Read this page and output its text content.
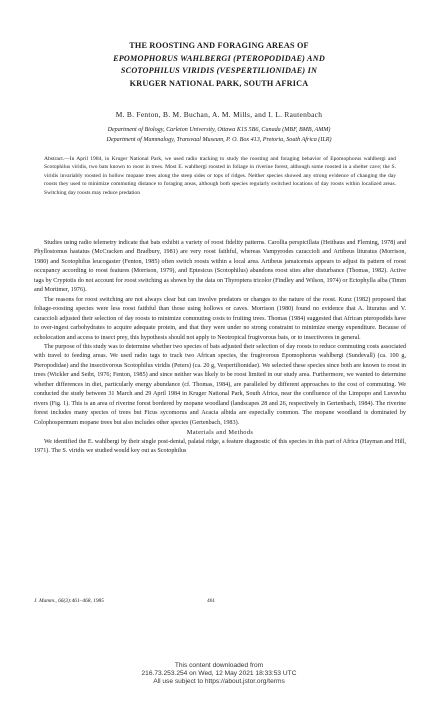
THE ROOSTING AND FORAGING AREAS OF
EPOMOPHORUS WAHLBERGI (PTEROPODIDAE) AND
SCOTOPHILUS VIRIDIS (VESPERTILIONIDAE) IN
KRUGER NATIONAL PARK, SOUTH AFRICA
M. B. Fenton, B. M. Buchan, A. M. Mills, and I. L. Rautenbach
Department of Biology, Carleton University, Ottawa K1S 5B6, Canada (MBF, BMB, AMM)
Department of Mammalogy, Transvaal Museum, P. O. Box 413, Pretoria, South Africa (ILR)
Abstract.—In April 1984, in Kruger National Park, we used radio tracking to study the roosting and foraging behavior of Epomophorus wahlbergi and Scotophilus viridis, two bats known to roost in trees. Most E. wahlbergi roosted in foliage in riverine forest, although some roosted in a shelter cave; the S. viridis invariably roosted in hollow mopane trees along the steep sides or tops of ridges. Neither species showed any strong evidence of changing the day roosts they used to minimize commuting distance to foraging areas, although both species regularly switched locations of day roosts within localized areas. Switching day roosts may reduce predation

Studies using radio telemetry indicate that bats exhibit a variety of roost fidelity patterns. Carollia perspicillata (Heithaus and Fleming, 1978) and Phyllostomus hastatus (McCracken and Bradbury, 1981) are very roost faithful, whereas Vampyrodes caraccioli and Artibeus lituratus (Morrison, 1980) and Scotophilus leucogaster (Fenton, 1985) often switch roosts within a local area. Artibeus jamaicensis appears to adjust its pattern of roost occupancy according to roost features (Morrison, 1979), and Eptesicus (Scotophilus) abandons roost sites after disturbance (Thomas, 1982). Active tags by Cryptotis do not account for roost switching as shown by the data on Thyroptera tricolor (Findley and Wilson, 1974) or Ectophylla alba (Timm and Mortimer, 1976).

The reasons for roost switching are not always clear but can involve predators or changes to the nature of the roost. Kunz (1982) proposed that foliage-roosting species were less roost faithful than those using hollows or caves. Morrison (1980) found no evidence that A. lituratus and V. caraccioli adjusted their selection of day roosts to minimize commuting costs to fruiting trees. Thomas (1984) suggested that African pteropodids have to over-ingest carbohydrates to acquire adequate protein, and that they were under no strong constraint to minimize energy expenditure. Because of echolocation and access to insect prey, this hypothesis should not apply to Neotropical frugivorous bats, or to insectivores in general.

The purpose of this study was to determine whether two species of bats adjusted their selection of day roosts to reduce commuting costs associated with travel to feeding areas. We used radio tags to track two African species, the frugivorous Epomophorus wahlbergi (Sundevall) (ca. 100 g, Pteropodidae) and the insectivorous Scotophilus viridis (Peters) (ca. 20 g, Vespertilionidae). We selected these species since both are known to roost in trees (Wickler and Seibt, 1976; Fenton, 1985) and since neither was likely to be roost limited in our study area. Furthermore, we wanted to determine whether differences in diet, particularly energy abundance (cf. Thomas, 1984), are paralleled by different approaches to the cost of commuting. We conducted the study between 31 March and 29 April 1984 in Kruger National Park, South Africa, near the confluence of the Limpopo and Luvuvhu rivers (Fig. 1). This is an area of riverine forest bordered by mopane woodland (landscapes 28 and 26, respectively in Gertenbach, 1984). The riverine forest includes many species of trees but Ficus sycomorus and Acacia albida are especially common. The mopane woodland is dominated by Colophospermum mopane trees but also includes other species (Gertenbach, 1983).

Materials and Methods

We identified the E. wahlbergi by their single post-dental, palatal ridge, a feature diagnostic of this species in this part of Africa (Hayman and Hill, 1971). The S. viridis we studied would key out as Scotophilus

J. Mamm., 66(3):461–468, 1985	461
This content downloaded from
216.73.253.254 on Wed, 12 May 2021 18:33:53 UTC
All use subject to https://about.jstor.org/terms
